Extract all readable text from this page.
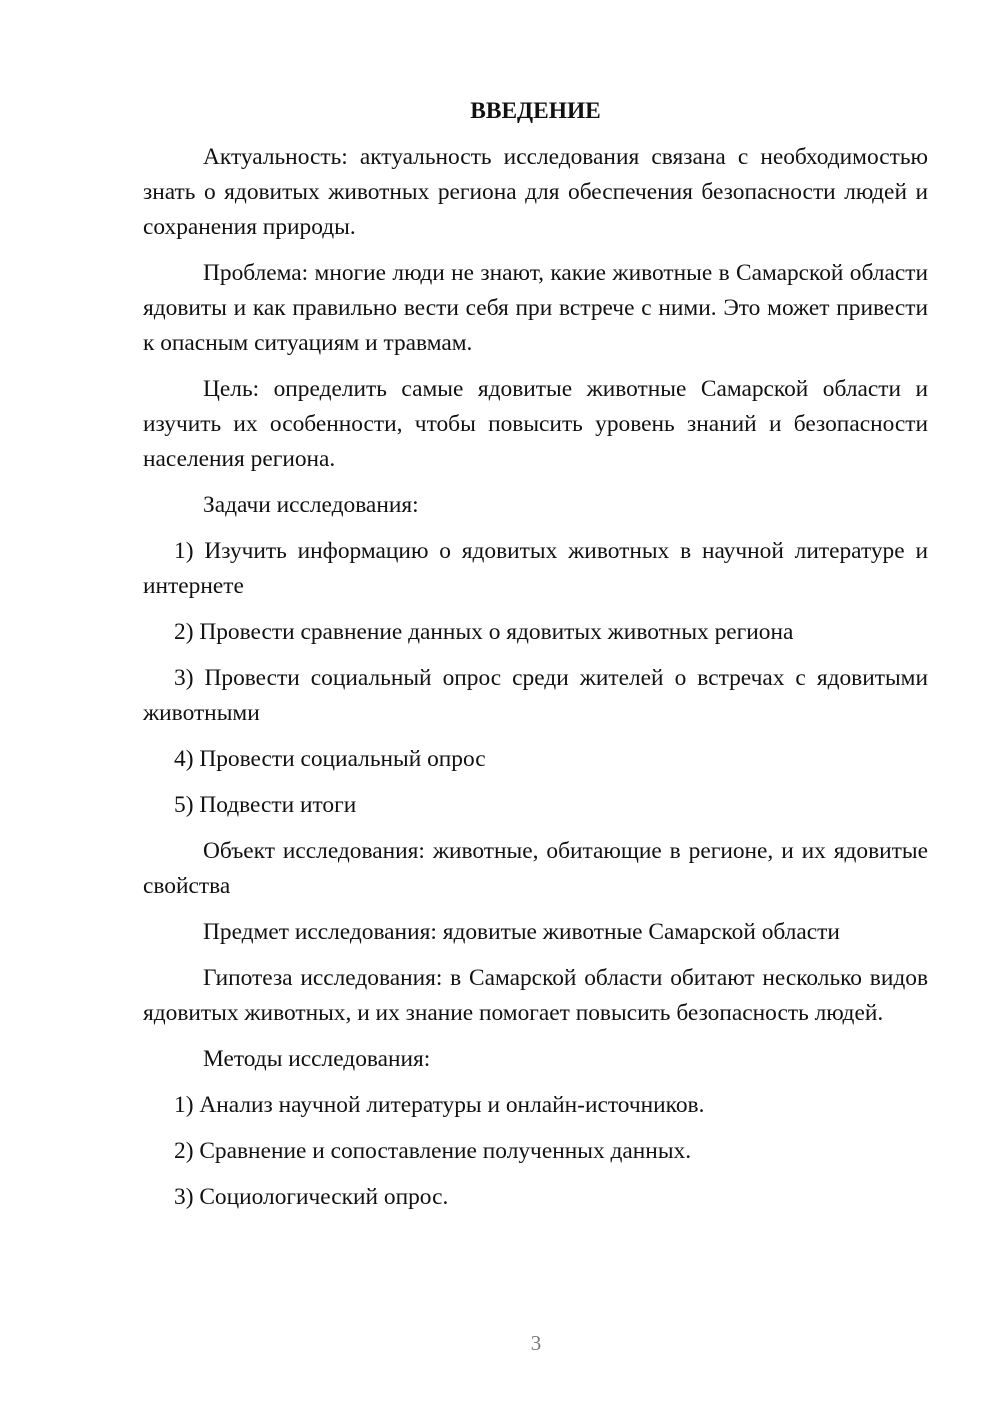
ВВЕДЕНИЕ

Актуальность: актуальность исследования связана с необходимостью знать о ядовитых животных региона для обеспечения безопасности людей и сохранения природы.

Проблема: многие люди не знают, какие животные в Самарской области ядовиты и как правильно вести себя при встрече с ними. Это может привести к опасным ситуациям и травмам.

Цель: определить самые ядовитые животные Самарской области и изучить их особенности, чтобы повысить уровень знаний и безопасности населения региона.

Задачи исследования:

1) Изучить информацию о ядовитых животных в научной литературе и интернете

2) Провести сравнение данных о ядовитых животных региона

3) Провести социальный опрос среди жителей о встречах с ядовитыми животными

4) Провести социальный опрос

5) Подвести итоги

Объект исследования: животные, обитающие в регионе, и их ядовитые свойства

Предмет исследования: ядовитые животные Самарской области

Гипотеза исследования: в Самарской области обитают несколько видов ядовитых животных, и их знание помогает повысить безопасность людей.

Методы исследования:

1) Анализ научной литературы и онлайн-источников.

2) Сравнение и сопоставление полученных данных.

3) Социологический опрос.

3
